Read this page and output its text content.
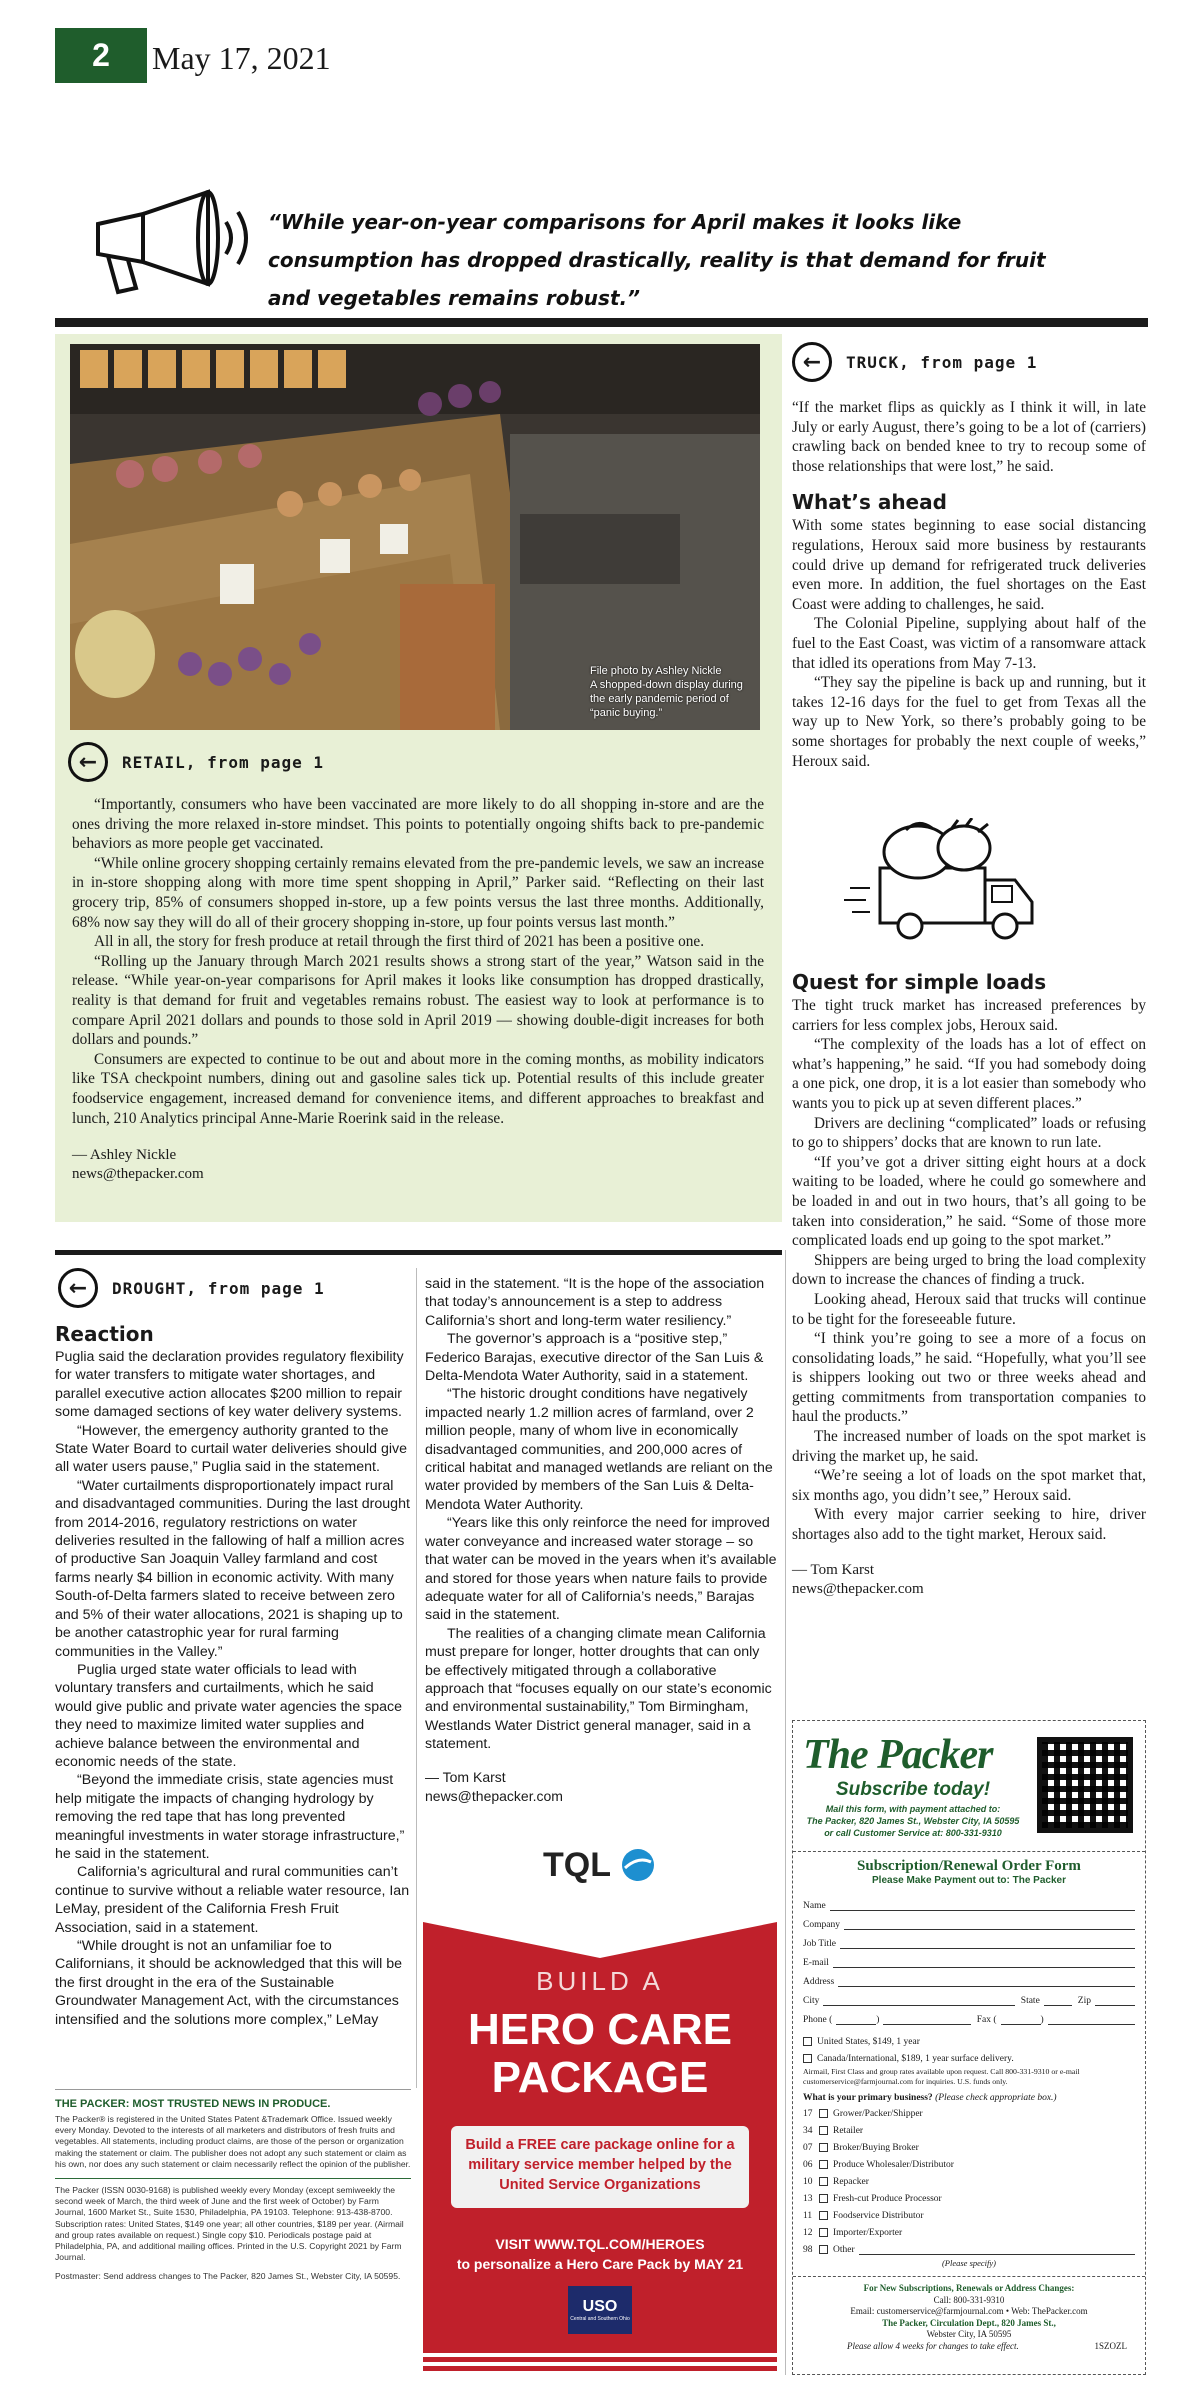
2	May 17, 2021
“While year-on-year comparisons for April makes it looks like consumption has dropped drastically, reality is that demand for fruit and vegetables remains robust.”
File photo by Ashley Nickle
A shopped-down display during the early pandemic period of “panic buying.”
←	RETAIL, from page 1

“Importantly, consumers who have been vaccinated are more likely to do all shopping in-store and are the ones driving the more relaxed in-store mindset. This points to potentially ongoing shifts back to pre-pandemic behaviors as more people get vaccinated.

“While online grocery shopping certainly remains elevated from the pre-pandemic levels, we saw an increase in in-store shopping along with more time spent shopping in April,” Parker said. “Reflecting on their last grocery trip, 85% of consumers shopped in-store, up a few points versus the last three months. Additionally, 68% now say they will do all of their grocery shopping in-store, up four points versus last month.”

All in all, the story for fresh produce at retail through the first third of 2021 has been a positive one.

“Rolling up the January through March 2021 results shows a strong start of the year,” Watson said in the release. “While year-on-year comparisons for April makes it looks like consumption has dropped drastically, reality is that demand for fruit and vegetables remains robust. The easiest way to look at performance is to compare April 2021 dollars and pounds to those sold in April 2019 — showing double-digit increases for both dollars and pounds.”

Consumers are expected to continue to be out and about more in the coming months, as mobility indicators like TSA checkpoint numbers, dining out and gasoline sales tick up. Potential results of this include greater foodservice engagement, increased demand for convenience items, and different approaches to breakfast and lunch, 210 Analytics principal Anne-Marie Roerink said in the release.

— Ashley Nickle
news@thepacker.com
←	TRUCK, from page 1

“If the market flips as quickly as I think it will, in late July or early August, there’s going to be a lot of (carriers) crawling back on bended knee to try to recoup some of those relationships that were lost,” he said.

What’s ahead

With some states beginning to ease social distancing regulations, Heroux said more business by restaurants could drive up demand for refrigerated truck deliveries even more. In addition, the fuel shortages on the East Coast were adding to challenges, he said.

The Colonial Pipeline, supplying about half of the fuel to the East Coast, was victim of a ransomware attack that idled its operations from May 7-13.

“They say the pipeline is back up and running, but it takes 12-16 days for the fuel to get from Texas all the way up to New York, so there’s probably going to be some shortages for probably the next couple of weeks,” Heroux said.

Quest for simple loads

The tight truck market has increased preferences by carriers for less complex jobs, Heroux said.

“The complexity of the loads has a lot of effect on what’s happening,” he said. “If you had somebody doing a one pick, one drop, it is a lot easier than somebody who wants you to pick up at seven different places.”

Drivers are declining “complicated” loads or refusing to go to shippers’ docks that are known to run late.

“If you’ve got a driver sitting eight hours at a dock waiting to be loaded, where he could go somewhere and be loaded in and out in two hours, that’s all going to be taken into consideration,” he said. “Some of those more complicated loads end up going to the spot market.”

Shippers are being urged to bring the load complexity down to increase the chances of finding a truck.

Looking ahead, Heroux said that trucks will continue to be tight for the foreseeable future.

“I think you’re going to see a more of a focus on consolidating loads,” he said. “Hopefully, what you’ll see is shippers looking out two or three weeks ahead and getting commitments from transportation companies to haul the products.”

The increased number of loads on the spot market is driving the market up, he said.

“We’re seeing a lot of loads on the spot market that, six months ago, you didn’t see,” Heroux said.

With every major carrier seeking to hire, driver shortages also add to the tight market, Heroux said.

— Tom Karst
news@thepacker.com
←	DROUGHT, from page 1
Reaction

Puglia said the declaration provides regulatory flexibility for water transfers to mitigate water shortages, and parallel executive action allocates $200 million to repair some damaged sections of key water delivery systems.

“However, the emergency authority granted to the State Water Board to curtail water deliveries should give all water users pause,” Puglia said in the statement.

“Water curtailments disproportionately impact rural and disadvantaged communities. During the last drought from 2014-2016, regulatory restrictions on water deliveries resulted in the fallowing of half a million acres of productive San Joaquin Valley farmland and cost farms nearly $4 billion in economic activity. With many South-of-Delta farmers slated to receive between zero and 5% of their water allocations, 2021 is shaping up to be another catastrophic year for rural farming communities in the Valley.”

Puglia urged state water officials to lead with voluntary transfers and curtailments, which he said would give public and private water agencies the space they need to maximize limited water supplies and achieve balance between the environmental and economic needs of the state.

“Beyond the immediate crisis, state agencies must help mitigate the impacts of changing hydrology by removing the red tape that has long prevented meaningful investments in water storage infrastructure,” he said in the statement.

California’s agricultural and rural communities can’t continue to survive without a reliable water resource, Ian LeMay, president of the California Fresh Fruit Association, said in a statement.

“While drought is not an unfamiliar foe to Californians, it should be acknowledged that this will be the first drought in the era of the Sustainable Groundwater Management Act, with the circumstances intensified and the solutions more complex,” LeMay

said in the statement. “It is the hope of the association that today’s announcement is a step to address California’s short and long-term water resiliency.”

The governor’s approach is a “positive step,” Federico Barajas, executive director of the San Luis & Delta-Mendota Water Authority, said in a statement.

“The historic drought conditions have negatively impacted nearly 1.2 million acres of farmland, over 2 million people, many of whom live in economically disadvantaged communities, and 200,000 acres of critical habitat and managed wetlands are reliant on the water provided by members of the San Luis & Delta-Mendota Water Authority.

“Years like this only reinforce the need for improved water conveyance and increased water storage – so that water can be moved in the years when it’s available and stored for those years when nature fails to provide adequate water for all of California’s needs,” Barajas said in the statement.

The realities of a changing climate mean California must prepare for longer, hotter droughts that can only be effectively mitigated through a collaborative approach that “focuses equally on our state’s economic and environmental sustainability,” Tom Birmingham, Westlands Water District general manager, said in a statement.

— Tom Karst
news@thepacker.com
THE PACKER: MOST TRUSTED NEWS IN PRODUCE.
The Packer® is registered in the United States Patent &Trademark Office. Issued weekly every Monday. Devoted to the interests of all marketers and distributors of fresh fruits and vegetables. All statements, including product claims, are those of the person or organization making the statement or claim. The publisher does not adopt any such statement or claim as his own, nor does any such statement or claim necessarily reflect the opinion of the publisher.
The Packer (ISSN 0030-9168) is published weekly every Monday (except semiweekly the second week of March, the third week of June and the first week of October) by Farm Journal, 1600 Market St., Suite 1530, Philadelphia, PA 19103. Telephone: 913-438-8700. Subscription rates: United States, $149 one year; all other countries, $189 per year. (Airmail and group rates available on request.) Single copy $10. Periodicals postage paid at Philadelphia, PA, and additional mailing offices. Printed in the U.S. Copyright 2021 by Farm Journal.
Postmaster: Send address changes to The Packer, 820 James St., Webster City, IA 50595.
TQL
BUILD A
HERO CARE PACKAGE
Build a FREE care package online for a military service member helped by the United Service Organizations
VISIT WWW.TQL.COM/HEROES
to personalize a Hero Care Pack by MAY 21
USO
Central and Southern Ohio
The Packer
Subscribe today!
Mail this form, with payment attached to:
The Packer, 820 James St., Webster City, IA 50595
or call Customer Service at: 800-331-9310
Subscription/Renewal Order Form
Please Make Payment out to: The Packer
Name
Company
Job Title
E-mail
Address
City	State	Zip
Phone (	)	Fax (	)
United States, $149, 1 year
Canada/International, $189, 1 year surface delivery.
Airmail, First Class and group rates available upon request. Call 800-331-9310 or e-mail customerservice@farmjournal.com for inquiries. U.S. funds only.
What is your primary business? (Please check appropriate box.)
17	Grower/Packer/Shipper
34	Retailer
07	Broker/Buying Broker
06	Produce Wholesaler/Distributor
10	Repacker
13	Fresh-cut Produce Processor
11	Foodservice Distributor
12	Importer/Exporter
98	Other
(Please specify)
For New Subscriptions, Renewals or Address Changes:
Call: 800-331-9310
Email: customerservice@farmjournal.com • Web: ThePacker.com
The Packer, Circulation Dept., 820 James St.,
Webster City, IA 50595
Please allow 4 weeks for changes to take effect.	1SZOZL
